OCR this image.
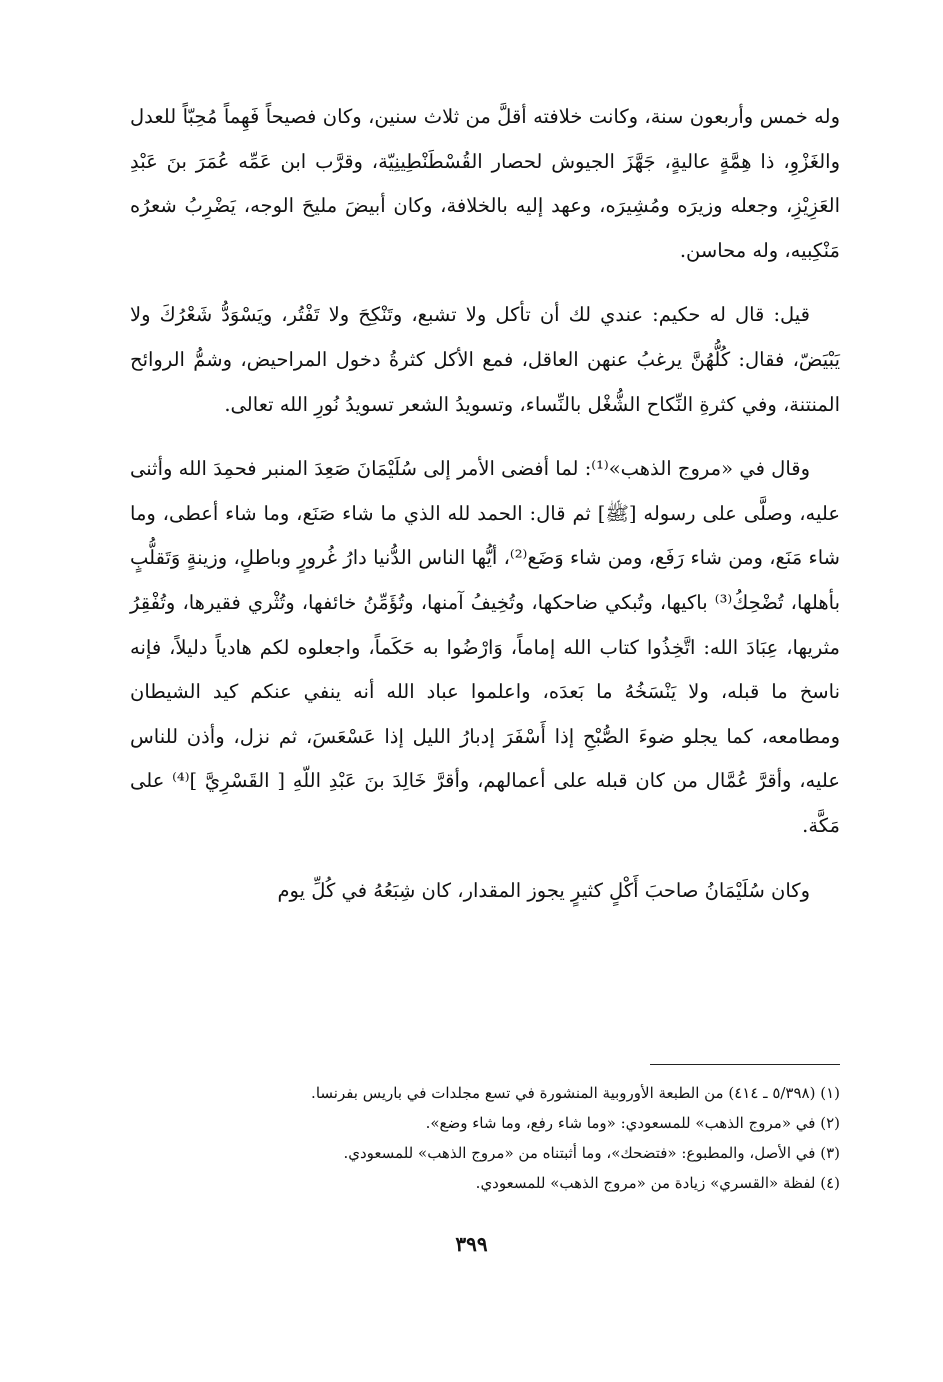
وله خمس وأربعون سنة، وكانت خلافته أقلَّ من ثلاث سنين، وكان فصيحاً فَهِماً مُحِبّاً للعدل والغَزْوِ، ذا هِمَّةٍ عاليةٍ، جَهَّزَ الجيوش لحصار القُسْطَنْطِينِيّة، وقرَّب ابن عَمِّه عُمَرَ بنَ عَبْدِ العَزِيْزِ، وجعله وزيرَه ومُشِيرَه، وعهد إليه بالخلافة، وكان أبيضَ مليحَ الوجه، يَضْرِبُ شعرُه مَنْكِبيه، وله محاسن.

قيل: قال له حكيم: عندي لك أن تأكل ولا تشبع، وتَنْكِحَ ولا تَفْتُر، ويَسْوَدُّ شَعْرُكَ ولا يَبْيَضّ، فقال: كُلُّهُنَّ يرغبُ عنهن العاقل، فمع الأكل كثرةُ دخول المراحيض، وشمُّ الروائح المنتنة، وفي كثرةِ النِّكاح الشُّغْل بالنِّساء، وتسويدُ الشعر تسويدُ نُورِ الله تعالى.

وقال في «مروج الذهب»⁽¹⁾: لما أفضى الأمر إلى سُلَيْمَانَ صَعِدَ المنبر فحمِدَ الله وأثنى عليه، وصلَّى على رسوله [ﷺ] ثم قال: الحمد لله الذي ما شاء صَنَع، وما شاء أعطى، وما شاء مَنَع، ومن شاء رَفَع، ومن شاء وَضَع⁽²⁾، أيُّها الناس الدُّنيا دارُ غُرورٍ وباطلٍ، وزينةٍ وَتَقلُّبٍ بأهلها، تُضْحِكُ⁽³⁾ باكيها، وتُبكي ضاحكها، وتُخِيفُ آمنها، وتُؤَمِّنُ خائفها، وتُثْري فقيرها، وتُفْقِرُ مثريها، عِبَادَ الله: اتَّخِذُوا كتاب الله إماماً، وَارْضُوا به حَكَماً، واجعلوه لكم هادياً دليلاً، فإنه ناسخ ما قبله، ولا يَنْسَخُهُ ما بَعدَه، واعلموا عباد الله أنه ينفي عنكم كيد الشيطان ومطامعه، كما يجلو ضوءَ الصُّبْحِ إذا أَسْفَرَ إدبارُ الليل إذا عَسْعَسَ، ثم نزل، وأذن للناس عليه، وأقرَّ عُمَّال من كان قبله على أعمالهم، وأقرَّ خَالِدَ بنَ عَبْدِ اللّهِ [ القَسْرِيَّ ]⁽⁴⁾ على مَكَّة.

وكان سُلَيْمَانُ صاحبَ أَكْلٍ كثيرٍ يجوز المقدار، كان شِبَعُهُ في كُلِّ يوم

(١) (٥/٣٩٨ ـ ٤١٤) من الطبعة الأوروبية المنشورة في تسع مجلدات في باريس بفرنسا.

(٢) في «مروج الذهب» للمسعودي: «وما شاء رفع، وما شاء وضع».

(٣) في الأصل، والمطبوع: «فتضحك»، وما أثبتناه من «مروج الذهب» للمسعودي.

(٤) لفظة «القسري» زيادة من «مروج الذهب» للمسعودي.

٣٩٩
